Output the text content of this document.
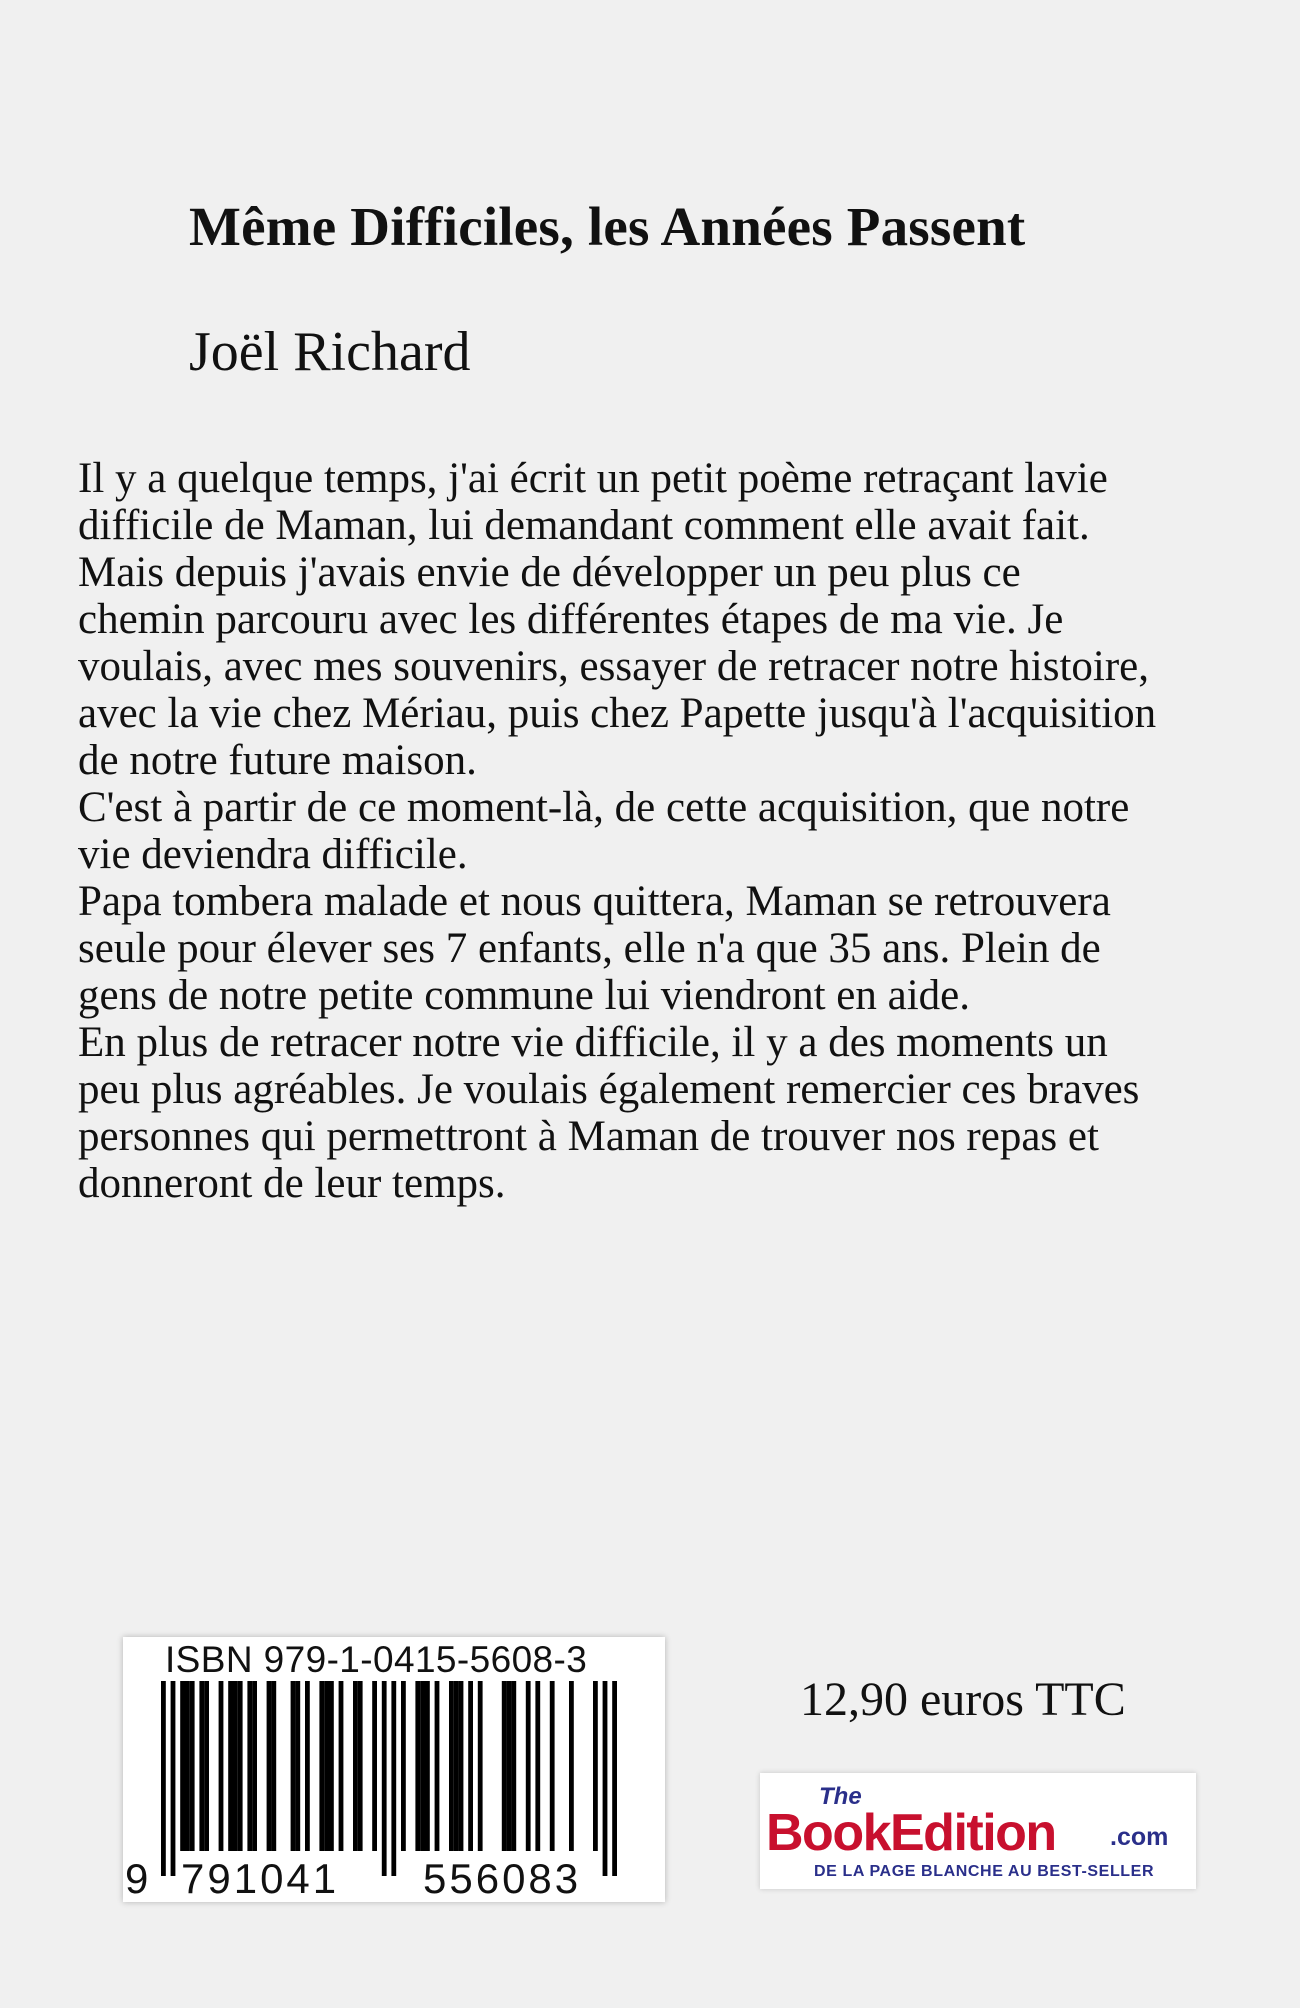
Même Difficiles, les Années Passent
Joël Richard
Il y a quelque temps, j'ai écrit un petit poème retraçant lavie
difficile de Maman, lui demandant comment elle avait fait.
Mais depuis j'avais envie de développer un peu plus ce
chemin parcouru avec les différentes étapes de ma vie. Je
voulais, avec mes souvenirs, essayer de retracer notre histoire,
avec la vie chez Mériau, puis chez Papette jusqu'à l'acquisition
de notre future maison.
C'est à partir de ce moment-là, de cette acquisition, que notre
vie deviendra difficile.
Papa tombera malade et nous quittera, Maman se retrouvera
seule pour élever ses 7 enfants, elle n'a que 35 ans. Plein de
gens de notre petite commune lui viendront en aide.
En plus de retracer notre vie difficile, il y a des moments un
peu plus agréables. Je voulais également remercier ces braves
personnes qui permettront à Maman de trouver nos repas et
donneront de leur temps.
ISBN 979-1-0415-5608-3
9 791041 556083
12,90 euros TTC
The
BookEdition .com
DE LA PAGE BLANCHE AU BEST-SELLER
